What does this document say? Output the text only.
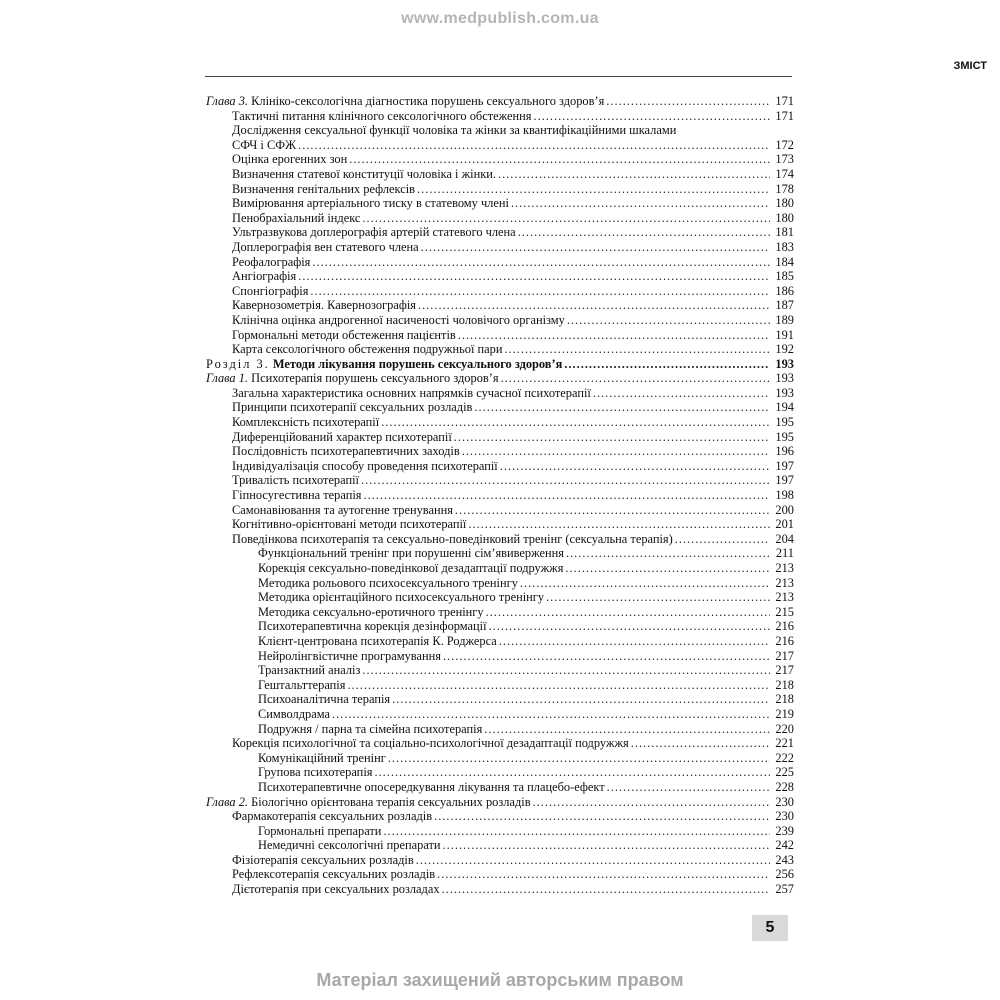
www.medpublish.com.ua
ЗМІСТ
Глава 3. Клініко-сексологічна діагностика порушень сексуального здоров’я .....	171
Тактичні питання клінічного сексологічного обстеження .....	171
Дослідження сексуальної функції чоловіка та жінки за квантифікаційними шкалами
СФЧ і СФЖ .....	172
Оцінка ерогенних зон .....	173
Визначення статевої конституції чоловіка і жінки. .....	174
Визначення генітальних рефлексів .....	178
Вимірювання артеріального тиску в статевому члені .....	180
Пенобрахіальний індекс .....	180
Ультразвукова доплерографія артерій статевого члена .....	181
Доплерографія вен статевого члена .....	183
Реофалографія .....	184
Ангіографія .....	185
Спонгіографія .....	186
Кавернозометрія. Кавернозографія .....	187
Клінічна оцінка андрогенної насиченості чоловічого організму .....	189
Гормональні методи обстеження пацієнтів .....	191
Карта сексологічного обстеження подружньої пари .....	192
Розділ 3. Методи лікування порушень сексуального здоров’я .....	193
Глава 1. Психотерапія порушень сексуального здоров’я .....	193
Загальна характеристика основних напрямків сучасної психотерапії .....	193
Принципи психотерапії сексуальних розладів .....	194
Комплексність психотерапії .....	195
Диференційований характер психотерапії .....	195
Послідовність психотерапевтичних заходів .....	196
Індивідуалізація способу проведення психотерапії .....	197
Тривалість психотерапії .....	197
Гіпносугестивна терапія .....	198
Самонавіювання та аутогенне тренування .....	200
Когнітивно-орієнтовані методи психотерапії .....	201
Поведінкова психотерапія та сексуально-поведінковий тренінг (сексуальна терапія) .....	204
Функціональний тренінг при порушенні сім’явиверження .....	211
Корекція сексуально-поведінкової дезадаптації подружжя .....	213
Методика рольового психосексуального тренінгу .....	213
Методика орієнтаційного психосексуального тренінгу .....	213
Методика сексуально-еротичного тренінгу .....	215
Психотерапевтична корекція дезінформації .....	216
Клієнт-центрована психотерапія К. Роджерса .....	216
Нейролінгвістичне програмування .....	217
Транзактний аналіз .....	217
Гештальттерапія .....	218
Психоаналітична терапія .....	218
Символдрама .....	219
Подружня / парна та сімейна психотерапія .....	220
Корекція психологічної та соціально-психологічної дезадаптації подружжя .....	221
Комунікаційний тренінг .....	222
Групова психотерапія .....	225
Психотерапевтичне опосередкування лікування та плацебо-ефект .....	228
Глава 2. Біологічно орієнтована терапія сексуальних розладів .....	230
Фармакотерапія сексуальних розладів .....	230
Гормональні препарати .....	239
Немедичні сексологічні препарати .....	242
Фізіотерапія сексуальних розладів .....	243
Рефлексотерапія сексуальних розладів .....	256
Дієтотерапія при сексуальних розладах .....	257
5
Матеріал захищений авторським правом
